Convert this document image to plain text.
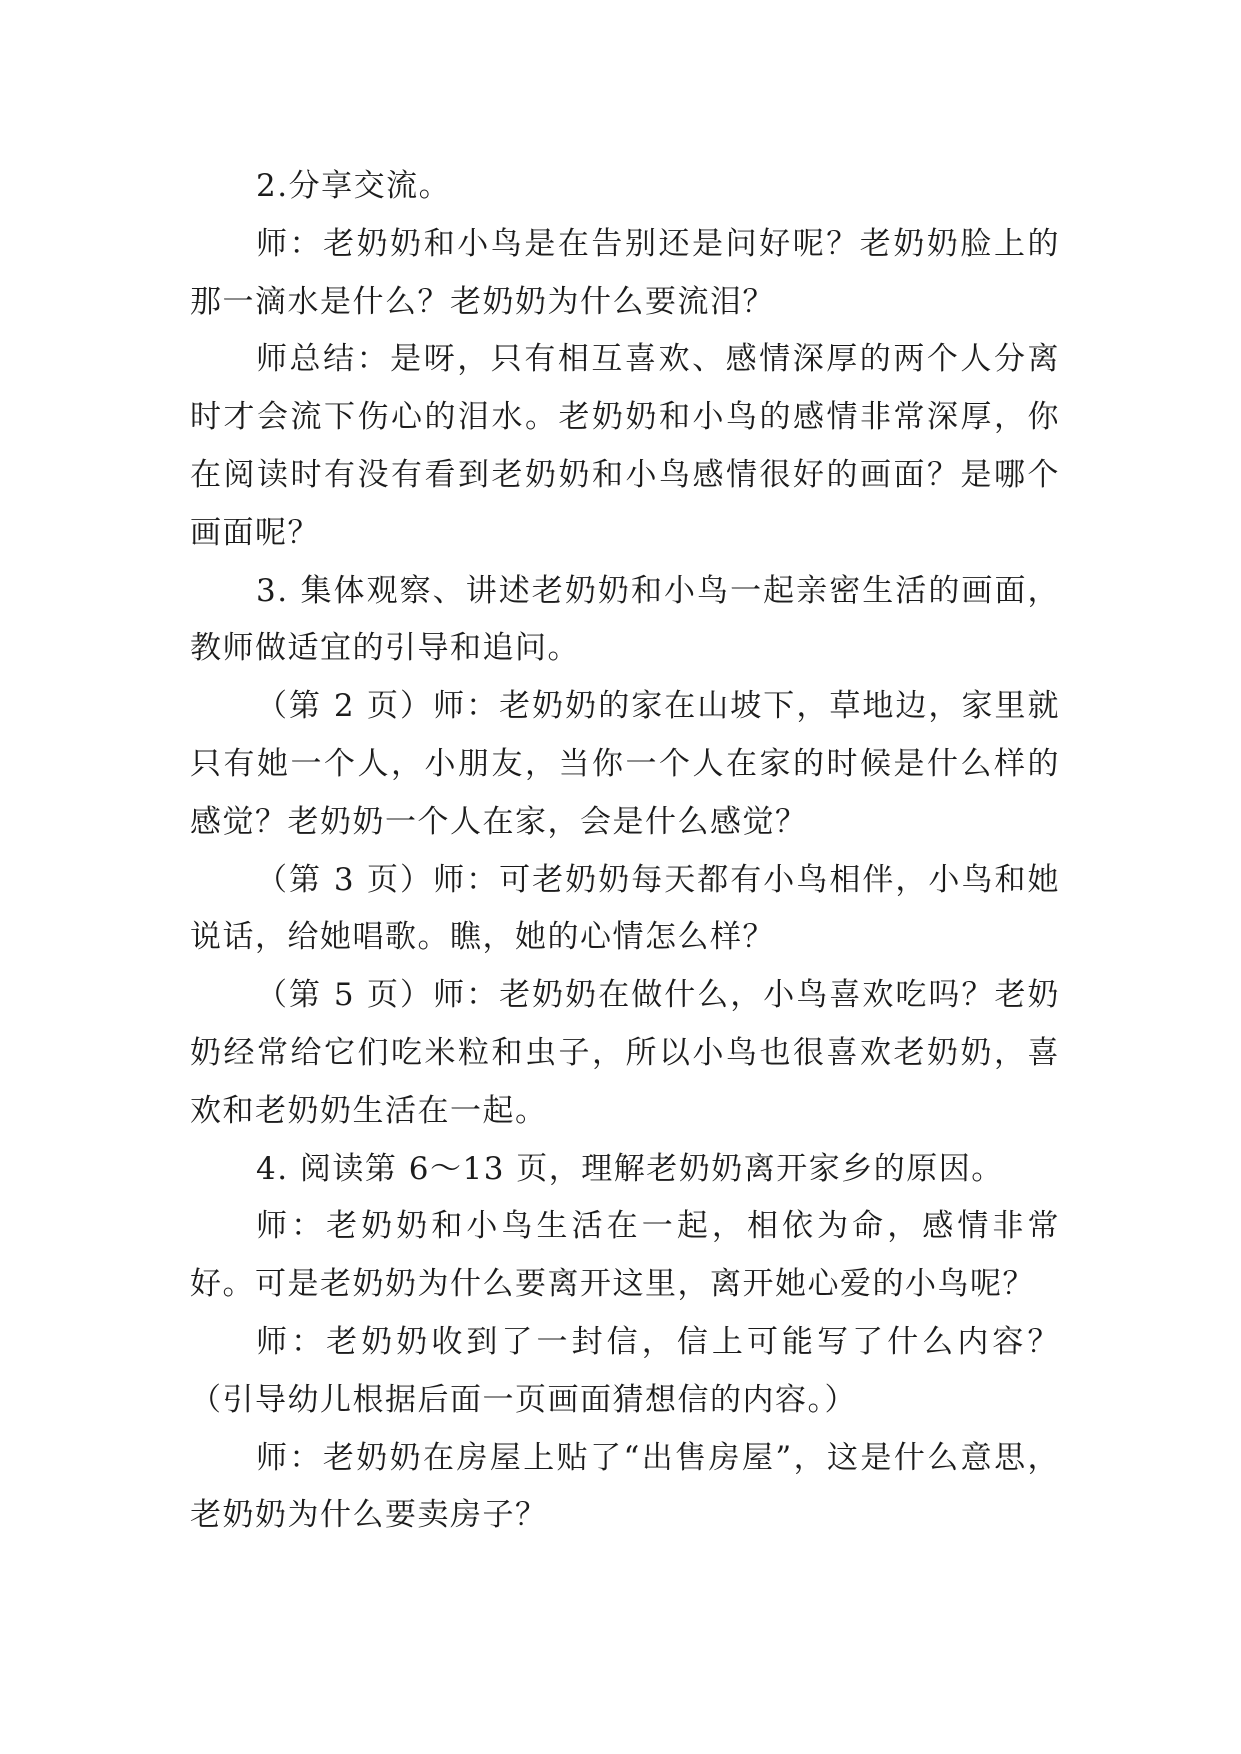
2.分享交流。

师：老奶奶和小鸟是在告别还是问好呢？老奶奶脸上的那一滴水是什么？老奶奶为什么要流泪？

师总结：是呀，只有相互喜欢、感情深厚的两个人分离时才会流下伤心的泪水。老奶奶和小鸟的感情非常深厚，你在阅读时有没有看到老奶奶和小鸟感情很好的画面？是哪个画面呢？

3. 集体观察、讲述老奶奶和小鸟一起亲密生活的画面，教师做适宜的引导和追问。

（第 2 页）师：老奶奶的家在山坡下，草地边，家里就只有她一个人，小朋友，当你一个人在家的时候是什么样的感觉？老奶奶一个人在家，会是什么感觉？

（第 3 页）师：可老奶奶每天都有小鸟相伴，小鸟和她说话，给她唱歌。瞧，她的心情怎么样？

（第 5 页）师：老奶奶在做什么，小鸟喜欢吃吗？老奶奶经常给它们吃米粒和虫子，所以小鸟也很喜欢老奶奶，喜欢和老奶奶生活在一起。

4. 阅读第 6～13 页，理解老奶奶离开家乡的原因。

师：老奶奶和小鸟生活在一起，相依为命，感情非常好。可是老奶奶为什么要离开这里，离开她心爱的小鸟呢？

师：老奶奶收到了一封信，信上可能写了什么内容？（引导幼儿根据后面一页画面猜想信的内容。）

师：老奶奶在房屋上贴了“出售房屋”，这是什么意思，老奶奶为什么要卖房子？
